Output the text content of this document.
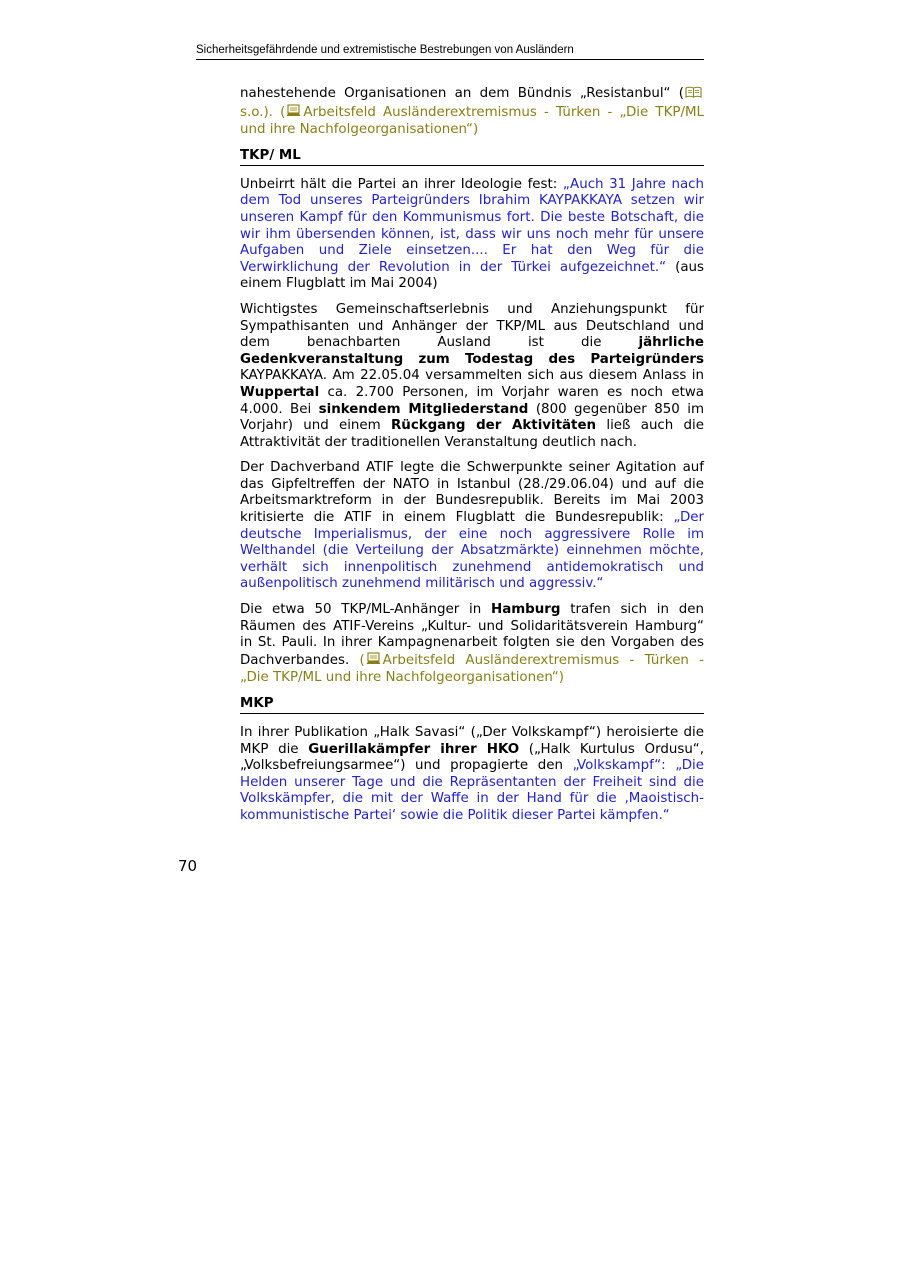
Sicherheitsgefährdende und extremistische Bestrebungen von Ausländern

nahestehende Organisationen an dem Bündnis „Resistanbul“ (s.o.). ( Arbeitsfeld Ausländerextremismus - Türken - „Die TKP/ML und ihre Nachfolgeorganisationen“)

TKP/ ML

Unbeirrt hält die Partei an ihrer Ideologie fest: „Auch 31 Jahre nach dem Tod unseres Parteigründers Ibrahim KAYPAKKAYA setzen wir unseren Kampf für den Kommunismus fort. Die beste Botschaft, die wir ihm übersenden können, ist, dass wir uns noch mehr für unsere Aufgaben und Ziele einsetzen.... Er hat den Weg für die Verwirklichung der Revolution in der Türkei aufgezeichnet.“ (aus einem Flugblatt im Mai 2004)

Wichtigstes Gemeinschaftserlebnis und Anziehungspunkt für Sympathisanten und Anhänger der TKP/ML aus Deutschland und dem benachbarten Ausland ist die jährliche Gedenkveranstaltung zum Todestag des Parteigründers KAYPAKKAYA. Am 22.05.04 versammelten sich aus diesem Anlass in Wuppertal ca. 2.700 Personen, im Vorjahr waren es noch etwa 4.000. Bei sinkendem Mitgliederstand (800 gegenüber 850 im Vorjahr) und einem Rückgang der Aktivitäten ließ auch die Attraktivität der traditionellen Veranstaltung deutlich nach.

Der Dachverband ATIF legte die Schwerpunkte seiner Agitation auf das Gipfeltreffen der NATO in Istanbul (28./29.06.04) und auf die Arbeitsmarktreform in der Bundesrepublik. Bereits im Mai 2003 kritisierte die ATIF in einem Flugblatt die Bundesrepublik: „Der deutsche Imperialismus, der eine noch aggressivere Rolle im Welthandel (die Verteilung der Absatzmärkte) einnehmen möchte, verhält sich innenpolitisch zunehmend antidemokratisch und außenpolitisch zunehmend militärisch und aggressiv.“

Die etwa 50 TKP/ML-Anhänger in Hamburg trafen sich in den Räumen des ATIF-Vereins „Kultur- und Solidaritätsverein Hamburg“ in St. Pauli. In ihrer Kampagnenarbeit folgten sie den Vorgaben des Dachverbandes. ( Arbeitsfeld Ausländerextremismus - Türken - „Die TKP/ML und ihre Nachfolgeorganisationen“)

MKP

In ihrer Publikation „Halk Savasi“ („Der Volkskampf“) heroisierte die MKP die Guerillakämpfer ihrer HKO („Halk Kurtulus Ordusu“, „Volksbefreiungsarmee“) und propagierte den „Volkskampf“: „Die Helden unserer Tage und die Repräsentanten der Freiheit sind die Volkskämpfer, die mit der Waffe in der Hand für die ‚Maoistisch-kommunistische Partei‘ sowie die Politik dieser Partei kämpfen.“

70
